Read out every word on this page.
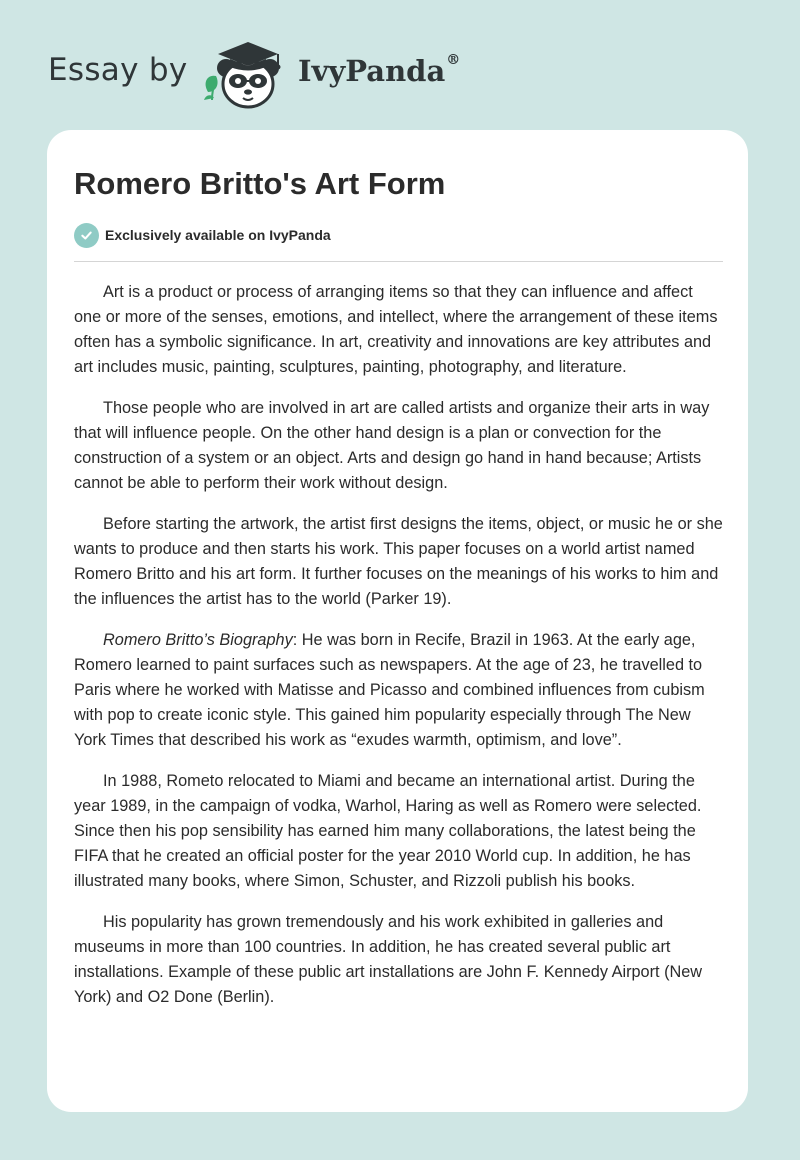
Essay by	IvyPanda®
Romero Britto's Art Form
Exclusively available on IvyPanda

Art is a product or process of arranging items so that they can influence and affect one or more of the senses, emotions, and intellect, where the arrangement of these items often has a symbolic significance. In art, creativity and innovations are key attributes and art includes music, painting, sculptures, painting, photography, and literature.

Those people who are involved in art are called artists and organize their arts in way that will influence people. On the other hand design is a plan or convection for the construction of a system or an object. Arts and design go hand in hand because; Artists cannot be able to perform their work without design.

Before starting the artwork, the artist first designs the items, object, or music he or she wants to produce and then starts his work. This paper focuses on a world artist named Romero Britto and his art form. It further focuses on the meanings of his works to him and the influences the artist has to the world (Parker 19).

Romero Britto’s Biography: He was born in Recife, Brazil in 1963. At the early age, Romero learned to paint surfaces such as newspapers. At the age of 23, he travelled to Paris where he worked with Matisse and Picasso and combined influences from cubism with pop to create iconic style. This gained him popularity especially through The New York Times that described his work as “exudes warmth, optimism, and love”.

In 1988, Rometo relocated to Miami and became an international artist. During the year 1989, in the campaign of vodka, Warhol, Haring as well as Romero were selected. Since then his pop sensibility has earned him many collaborations, the latest being the FIFA that he created an official poster for the year 2010 World cup. In addition, he has illustrated many books, where Simon, Schuster, and Rizzoli publish his books.

His popularity has grown tremendously and his work exhibited in galleries and museums in more than 100 countries. In addition, he has created several public art installations. Example of these public art installations are John F. Kennedy Airport (New York) and O2 Done (Berlin).
